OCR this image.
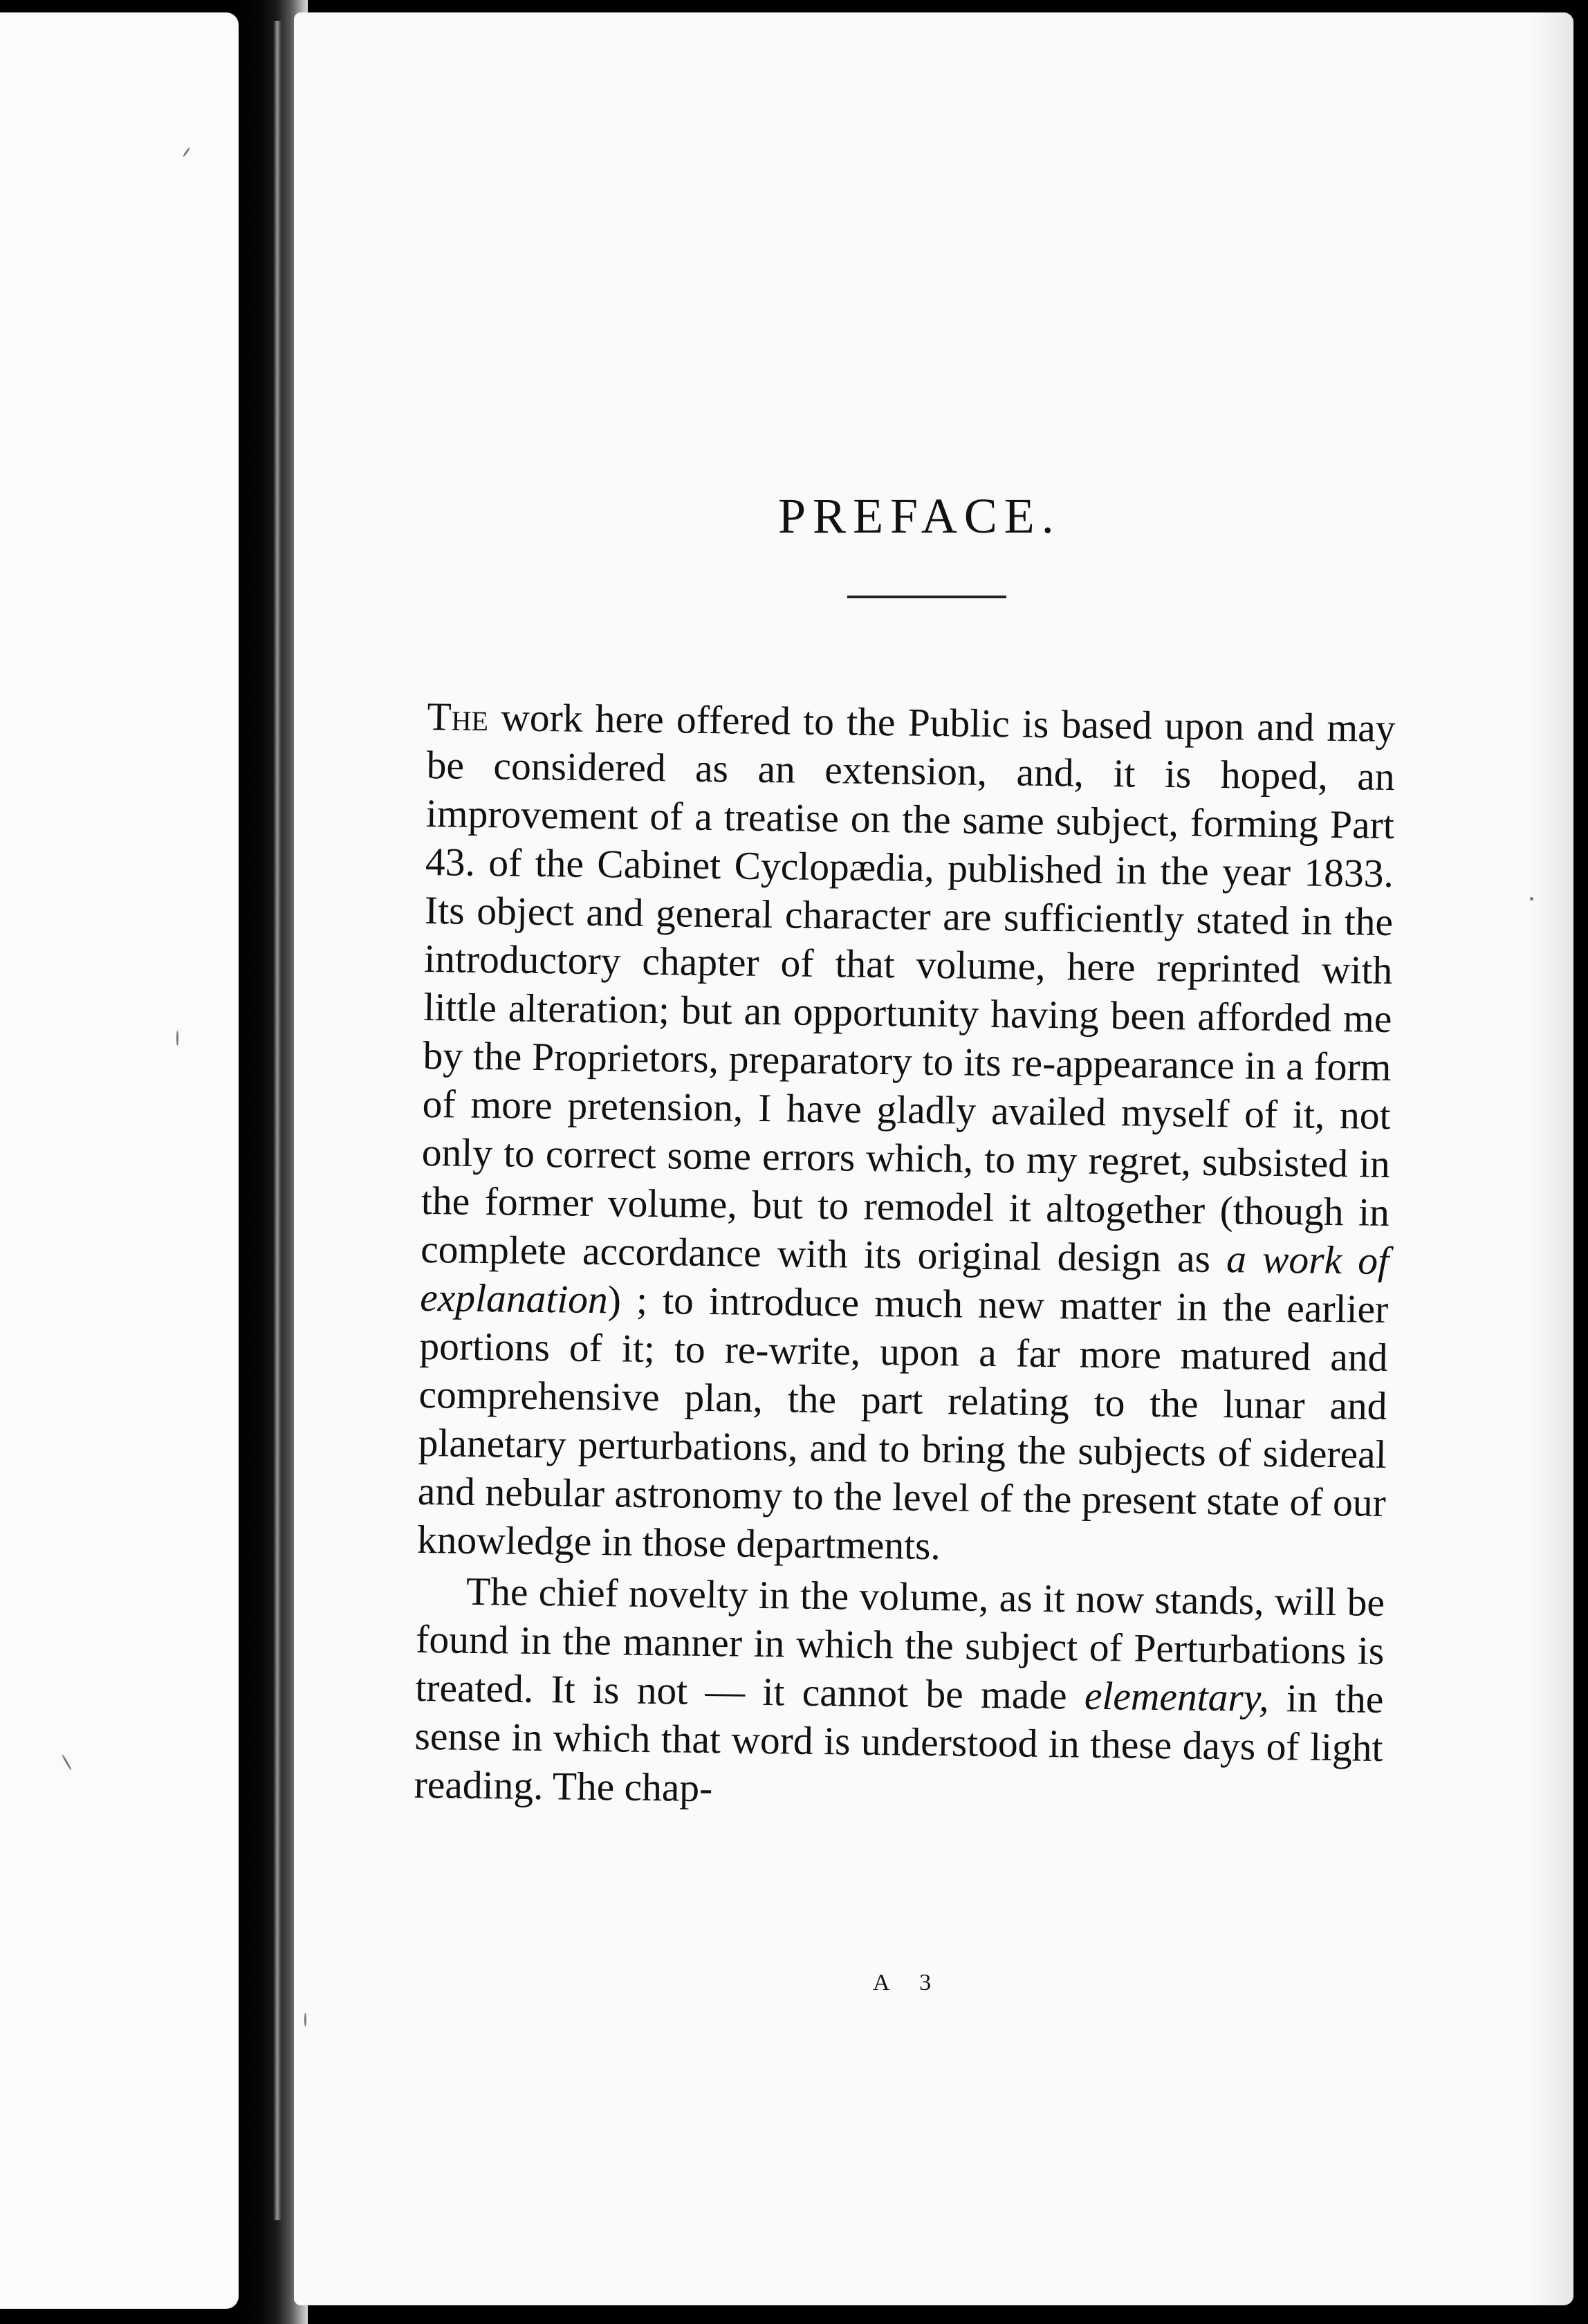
PREFACE.

The work here offered to the Public is based upon and may be considered as an extension, and, it is hoped, an improvement of a treatise on the same subject, forming Part 43. of the Cabinet Cyclopædia, published in the year 1833. Its object and general character are sufficiently stated in the introductory chapter of that volume, here reprinted with little alteration; but an opportunity having been afforded me by the Proprietors, preparatory to its re-appearance in a form of more pretension, I have gladly availed myself of it, not only to correct some errors which, to my regret, subsisted in the former volume, but to remodel it altogether (though in complete accordance with its original design as a work of explanation) ; to introduce much new matter in the earlier portions of it; to re-write, upon a far more matured and comprehensive plan, the part relating to the lunar and planetary perturbations, and to bring the subjects of sidereal and nebular astronomy to the level of the present state of our knowledge in those departments.

The chief novelty in the volume, as it now stands, will be found in the manner in which the subject of Perturbations is treated. It is not — it cannot be made elementary, in the sense in which that word is understood in these days of light reading. The chap-

A 3
